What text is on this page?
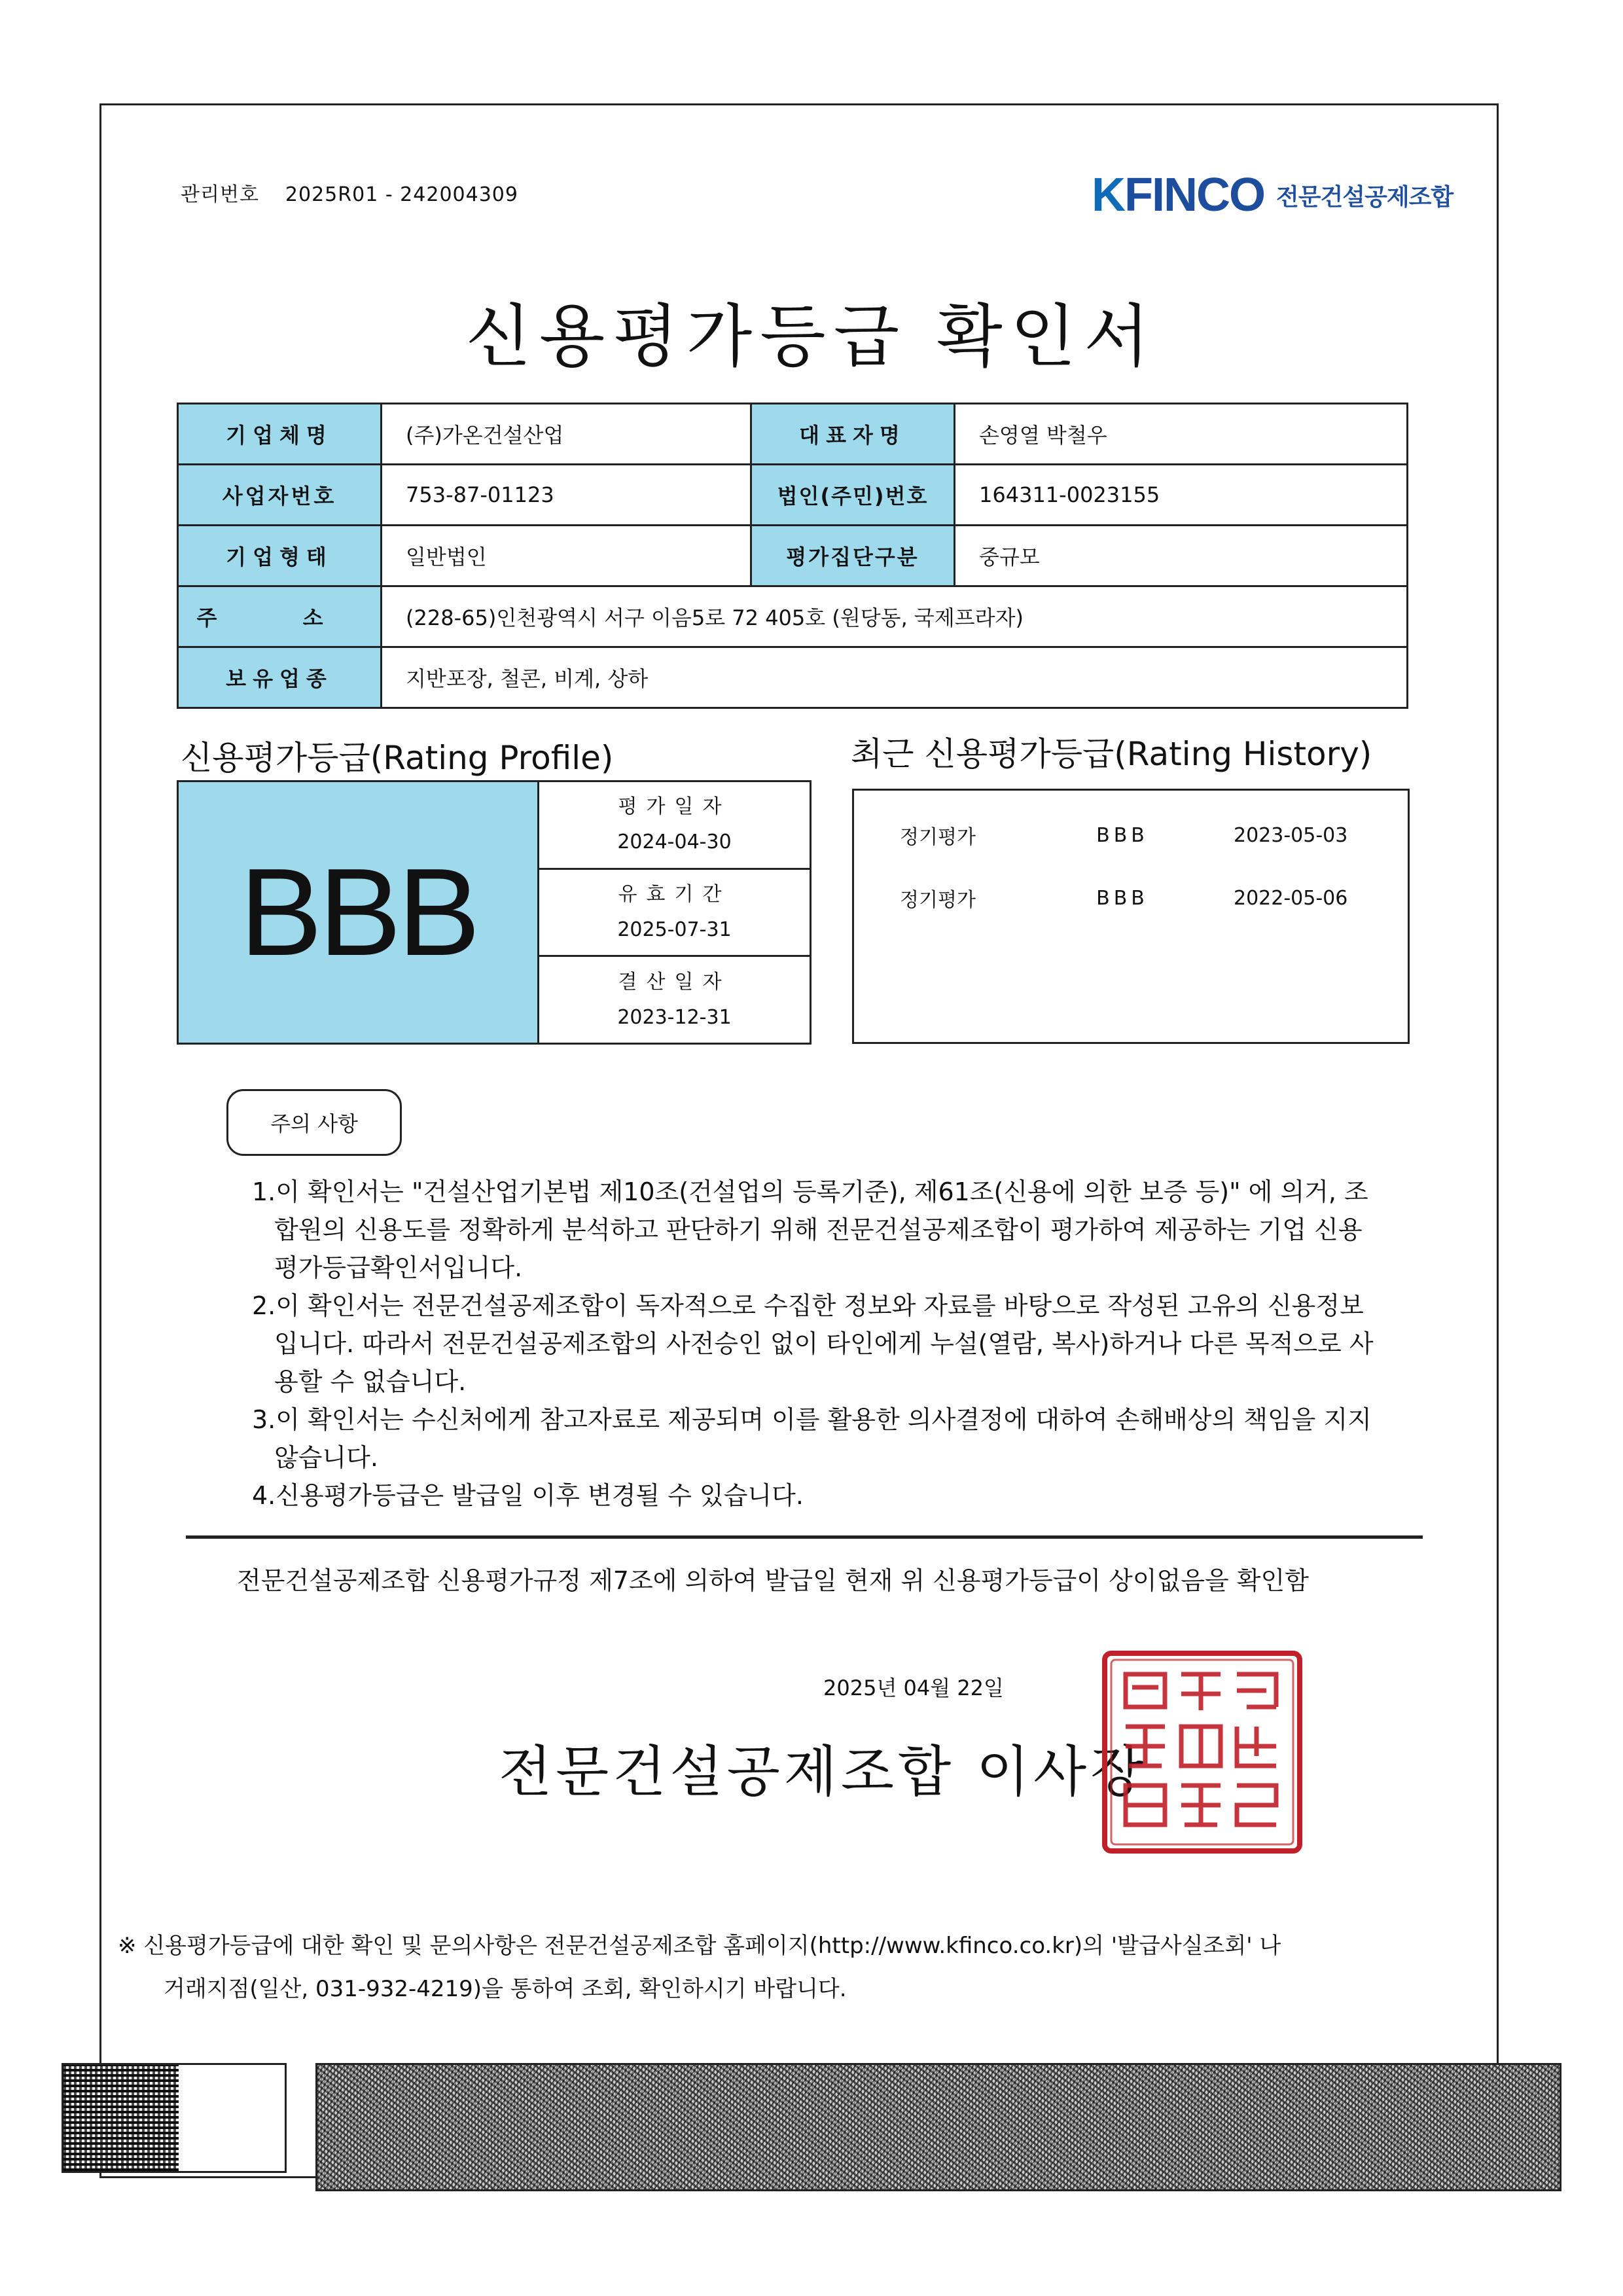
관리번호 2025R01 - 242004309	KFINCO 전문건설공제조합
신용평가등급 확인서
기업체명	(주)가온건설산업	대표자명	손영열 박철우
사업자번호	753-87-01123	법인(주민)번호	164311-0023155
기업형태	일반법인	평가집단구분	중규모
주 소	(228-65)인천광역시 서구 이음5로 72 405호 (원당동, 국제프라자)		
보유업종	지반포장, 철콘, 비계, 상하		
신용평가등급(Rating Profile)	최근 신용평가등급(Rating History)
BBB
평가일자
2024-04-30
유효기간
2025-07-31
결산일자
2023-12-31
정기평가	BBB	2023-05-03
정기평가	BBB	2022-05-06
주의 사항

1.이 확인서는 "건설산업기본법 제10조(건설업의 등록기준), 제61조(신용에 의한 보증 등)" 에 의거, 조합원의 신용도를 정확하게 분석하고 판단하기 위해 전문건설공제조합이 평가하여 제공하는 기업 신용평가등급확인서입니다.

2.이 확인서는 전문건설공제조합이 독자적으로 수집한 정보와 자료를 바탕으로 작성된 고유의 신용정보입니다. 따라서 전문건설공제조합의 사전승인 없이 타인에게 누설(열람, 복사)하거나 다른 목적으로 사용할 수 없습니다.

3.이 확인서는 수신처에게 참고자료로 제공되며 이를 활용한 의사결정에 대하여 손해배상의 책임을 지지 않습니다.

4.신용평가등급은 발급일 이후 변경될 수 있습니다.

전문건설공제조합 신용평가규정 제7조에 의하여 발급일 현재 위 신용평가등급이 상이없음을 확인함
2025년 04월 22일
전문건설공제조합 이사장
※ 신용평가등급에 대한 확인 및 문의사항은 전문건설공제조합 홈페이지(http://www.kfinco.co.kr)의 '발급사실조회' 나
거래지점(일산, 031-932-4219)을 통하여 조회, 확인하시기 바랍니다.
